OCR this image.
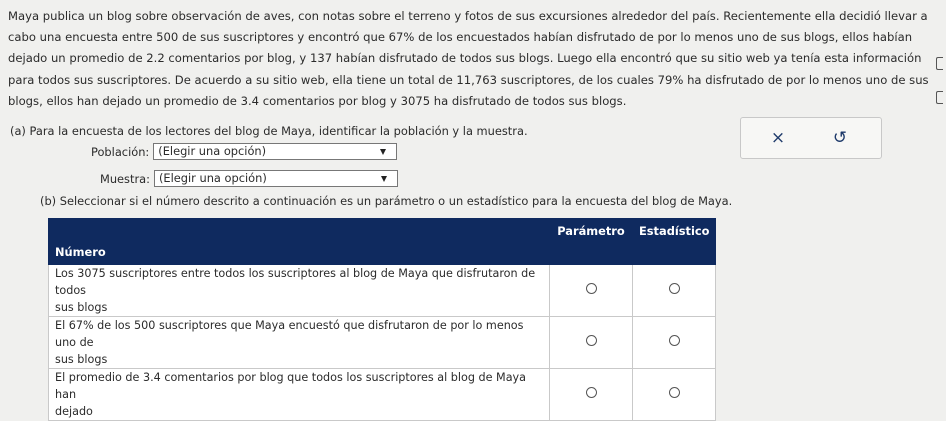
Maya publica un blog sobre observación de aves, con notas sobre el terreno y fotos de sus excursiones alrededor del país. Recientemente ella decidió llevar a
cabo una encuesta entre 500 de sus suscriptores y encontró que 67% de los encuestados habían disfrutado de por lo menos uno de sus blogs, ellos habían
dejado un promedio de 2.2 comentarios por blog, y 137 habían disfrutado de todos sus blogs. Luego ella encontró que su sitio web ya tenía esta información
para todos sus suscriptores. De acuerdo a su sitio web, ella tiene un total de 11,763 suscriptores, de los cuales 79% ha disfrutado de por lo menos uno de sus
blogs, ellos han dejado un promedio de 3.4 comentarios por blog y 3075 ha disfrutado de todos sus blogs.

(a) Para la encuesta de los lectores del blog de Maya, identificar la población y la muestra.
Población: (Elegir una opción)
Muestra: (Elegir una opción)
×	↺
(b) Seleccionar si el número descrito a continuación es un parámetro o un estadístico para la encuesta del blog de Maya.
Número	Parámetro	Estadístico
Los 3075 suscriptores entre todos los suscriptores al blog de Maya que disfrutaron de todos
sus blogs		
El 67% de los 500 suscriptores que Maya encuestó que disfrutaron de por lo menos uno de
sus blogs		
El promedio de 3.4 comentarios por blog que todos los suscriptores al blog de Maya han
dejado		
